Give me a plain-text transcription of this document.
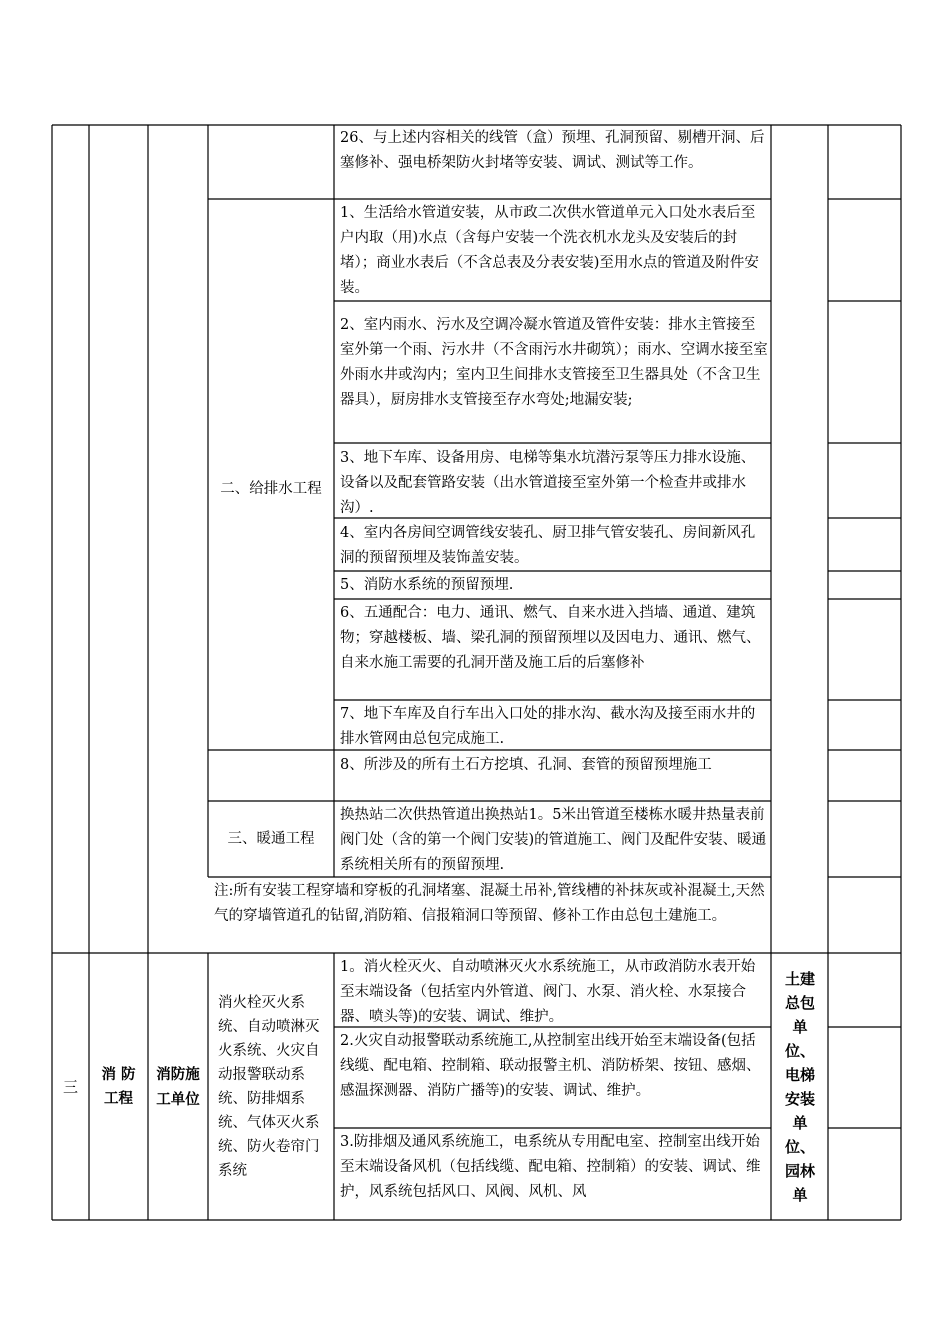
26、与上述内容相关的线管（盒）预埋、孔洞预留、剔槽开洞、后塞修补、强电桥架防火封堵等安装、调试、测试等工作。
1、生活给水管道安装，从市政二次供水管道单元入口处水表后至户内取（用)水点（含每户安装一个洗衣机水龙头及安装后的封堵）；商业水表后（不含总表及分表安装)至用水点的管道及附件安装。
2、室内雨水、污水及空调冷凝水管道及管件安装：排水主管接至室外第一个雨、污水井（不含雨污水井砌筑）；雨水、空调水接至室外雨水井或沟内；室内卫生间排水支管接至卫生器具处（不含卫生器具），厨房排水支管接至存水弯处;地漏安装;
3、地下车库、设备用房、电梯等集水坑潜污泵等压力排水设施、设备以及配套管路安装（出水管道接至室外第一个检查井或排水沟）.
4、室内各房间空调管线安装孔、厨卫排气管安装孔、房间新风孔洞的预留预埋及装饰盖安装。
5、消防水系统的预留预埋.
6、五通配合：电力、通讯、燃气、自来水进入挡墙、通道、建筑物；穿越楼板、墙、梁孔洞的预留预埋以及因电力、通讯、燃气、自来水施工需要的孔洞开凿及施工后的后塞修补
7、地下车库及自行车出入口处的排水沟、截水沟及接至雨水井的排水管网由总包完成施工.
8、所涉及的所有土石方挖填、孔洞、套管的预留预埋施工
换热站二次供热管道出换热站1。5米出管道至楼栋水暖井热量表前阀门处（含的第一个阀门安装)的管道施工、阀门及配件安装、暖通系统相关所有的预留预埋.
二、给排水工程
三、暖通工程
注:所有安装工程穿墙和穿板的孔洞堵塞、混凝土吊补,管线槽的补抹灰或补混凝土,天然气的穿墙管道孔的钻留,消防箱、信报箱洞口等预留、修补工作由总包土建施工。
三
消 防工程
消防施工单位
消火栓灭火系统、自动喷淋灭火系统、火灾自动报警联动系统、防排烟系统、气体灭火系统、防火卷帘门系统
1。消火栓灭火、自动喷淋灭火水系统施工，从市政消防水表开始至末端设备（包括室内外管道、阀门、水泵、消火栓、水泵接合器、喷头等)的安装、调试、维护。
2.火灾自动报警联动系统施工,从控制室出线开始至末端设备(包括线缆、配电箱、控制箱、联动报警主机、消防桥架、按钮、感烟、感温探测器、消防广播等)的安装、调试、维护。
3.防排烟及通风系统施工，电系统从专用配电室、控制室出线开始至末端设备风机（包括线缆、配电箱、控制箱）的安装、调试、维护，风系统包括风口、风阀、风机、风
土建总包单位、电梯安装单位、园林单
